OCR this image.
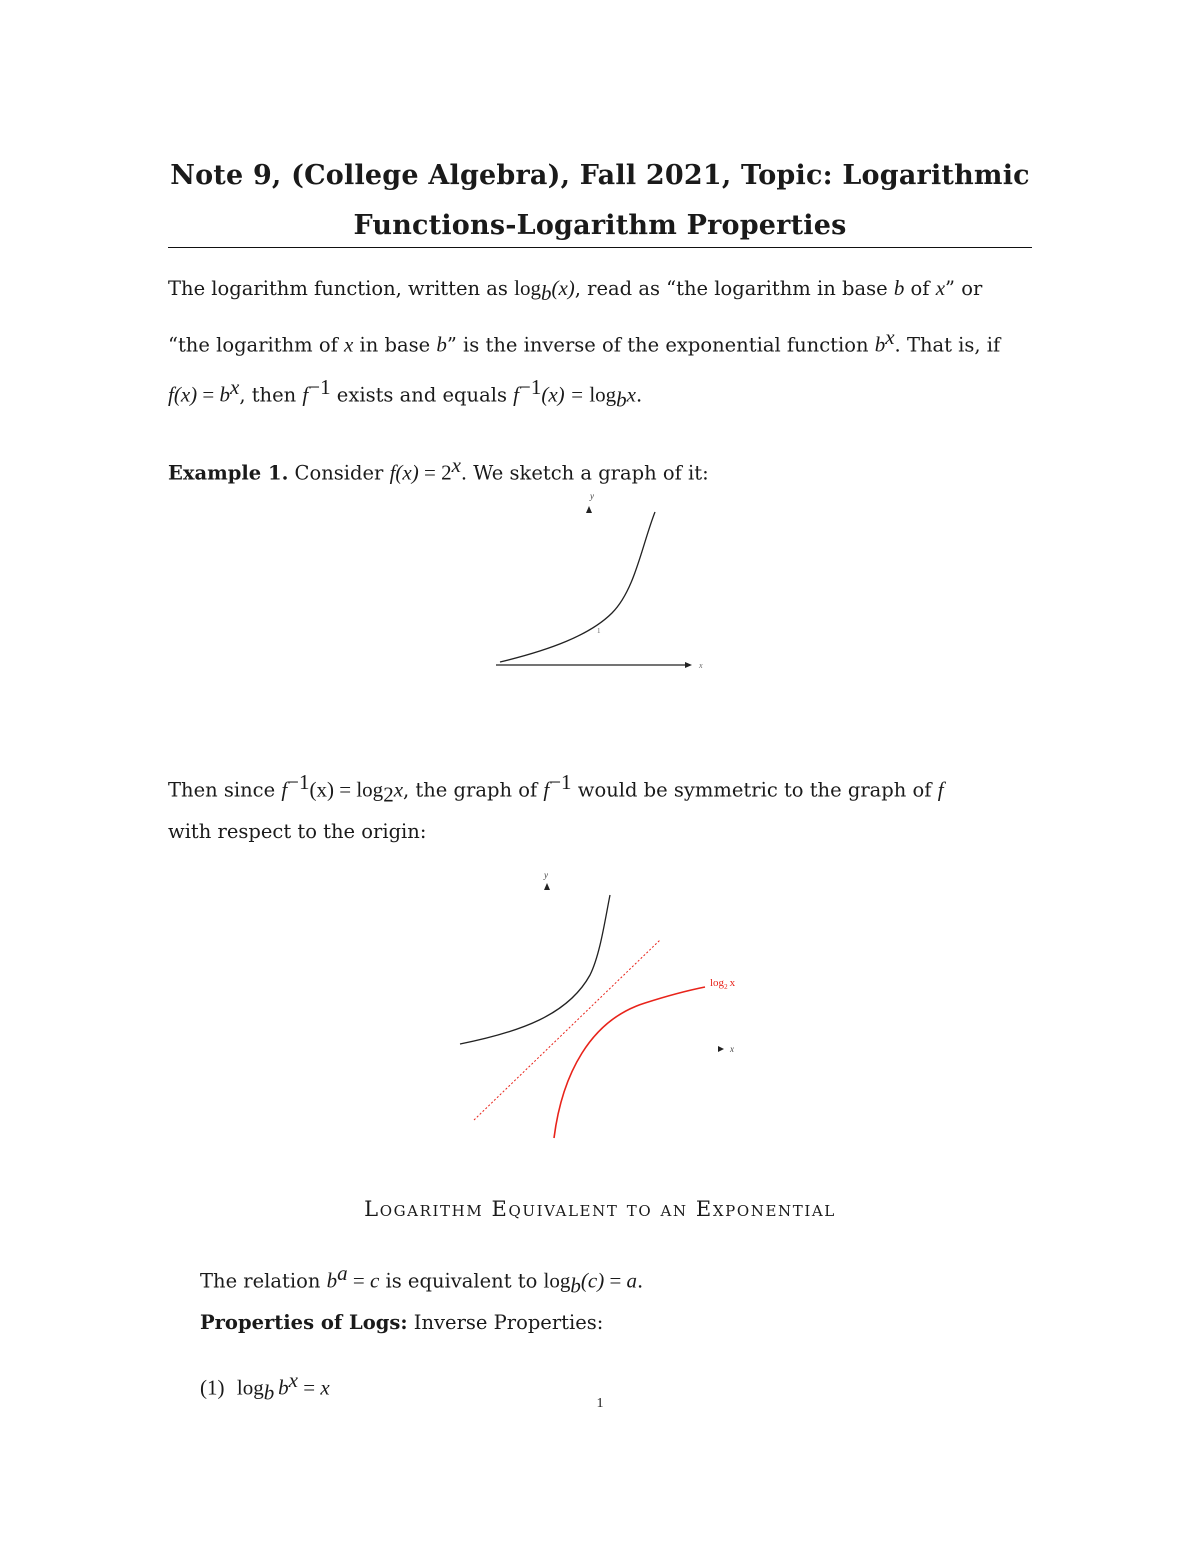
Note 9, (College Algebra), Fall 2021, Topic: Logarithmic
Functions-Logarithm Properties
The logarithm function, written as $\log_b(x)$, read as “the logarithm in base b of x” or
“the logarithm of x in base b” is the inverse of the exponential function $b^x$. That is, if
$f(x) = b^x$, then $f^{-1}$ exists and equals $f^{-1}(x) = \log_bx$.
Example 1. Consider $f(x) = 2^x$. We sketch a graph of it:
y
x
1
Then since $f^{-1}(x) = \log_2x$, the graph of $f^{-1}$ would be symmetric to the graph of f
with respect to the origin:
y
$\log_2 x$
x
Logarithm Equivalent to an Exponential
The relation $b^a = c$ is equivalent to $\log_b(c) = a$.
Properties of Logs: Inverse Properties:
(1) $\log_b b^x = x$
1
